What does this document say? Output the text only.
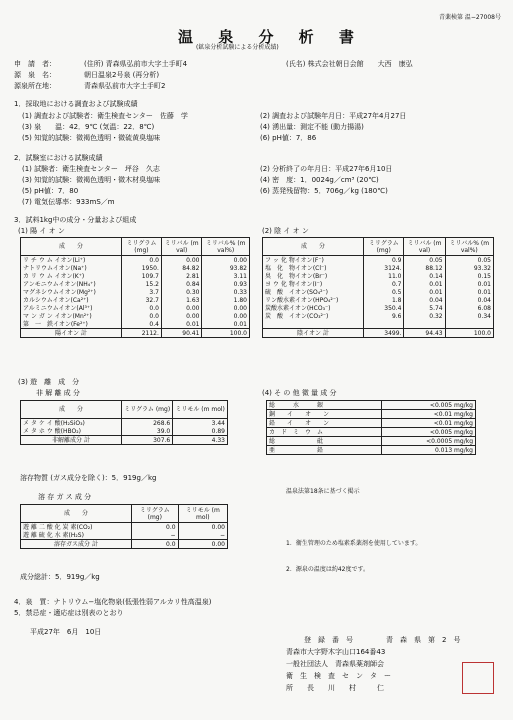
青薬検第 温−27008号
温 泉 分 析 書
(鉱泉分析試験による分析成績)
申　請　者：	(住所) 青森県弘前市大字土手町4	(氏名) 株式会社朝日会館　　大西　康弘
源　泉　名：	朝日温泉2号泉 (再分析)
源泉所在地：	青森県弘前市大字土手町2
1．採取地における調査および試験成績
(1) 調査および試験者：衛生検査センター　佐藤　学
(3) 泉　　温：42．9℃ (気温：22．8℃)
(5) 知覚的試験：微褐色透明・微硫黄臭塩味
(2) 調査および試験年月日：平成27年4月27日
(4) 湧出量：測定不能 (動力揚湯)
(6) pH値：7．86
2．試験室における試験成績
(1) 試験者：衛生検査センター　坪谷　久志
(3) 知覚的試験：微褐色透明・微木材臭塩味
(5) pH値：7．80
(7) 電気伝導率：933mS／m
(2) 分析終了の年月日：平成27年6月10日
(4) 密　度：1．0024g／cm³ (20℃)
(6) 蒸発残留物：5．706g／kg (180℃)
3．試料1kg中の成分・分量および組成
(1) 陽 イ オ ン	(2) 陰 イ オ ン
成　　分	ミリグラム (mg)	ミリバル (m val)	ミリバル% (m val%)
リ チ ウ ム イオン(Li⁺)	0.0	0.00	0.00
ナトリウムイオン(Na⁺)	1950.	84.82	93.82
カ リ ウ ム イオン(K⁺)	109.7	2.81	3.11
アンモニウムイオン(NH₄⁺)	15.2	0.84	0.93
マグネシウムイオン(Mg²⁺)	3.7	0.30	0.33
カルシウムイオン(Ca²⁺)	32.7	1.63	1.80
アルミニウムイオン(Al³⁺)	0.0	0.00	0.00
マ ン ガ ン イオン(Mn²⁺)	0.0	0.00	0.00
第　一　鉄イオン(Fe²⁺)	0.4	0.01	0.01
陽イオン 計	2112.	90.41	100.0
成　　分	ミリグラム (mg)	ミリバル (m val)	ミリバル% (m val%)
フ ッ 化 物イオン(F⁻)	0.9	0.05	0.05
塩　化　物イオン(Cl⁻)	3124.	88.12	93.32
臭　化　物イオン(Br⁻)	11.0	0.14	0.15
ヨ ウ 化 物イオン(I⁻)	0.7	0.01	0.01
硫　酸　イオン(SO₄²⁻)	0.5	0.01	0.01
リン酸水素イオン(HPO₄²⁻)	1.8	0.04	0.04
炭酸水素イオン(HCO₃⁻)	350.4	5.74	6.08
炭　酸　イオン(CO₃²⁻)	9.6	0.32	0.34

陰イオン 計	3499.	94.43	100.0
(3) 遊　離　成　分
非 解 離 成 分
成　　分	ミリグラム (mg)	ミリモル (m mol)
メ タ ケ イ 酸(H₂SiO₃)	268.6	3.44
メ タ ホ ウ 酸(HBO₂)	39.0	0.89
非解離成分 計	307.6	4.33
(4) そ の 他 微 量 成 分
総　　　水　　　銀	<0.005 mg/kg
銅　　イ　　オ　　ン	<0.01 mg/kg
鉛　　イ　　オ　　ン	<0.01 mg/kg
カ　ド　ミ　ウ　ム	<0.005 mg/kg
総　　　　　　　砒	<0.0005 mg/kg
亜　　　　　　　鉛	0.013 mg/kg
溶存物質 (ガス成分を除く)：5．919g／kg
溶 存 ガ ス 成 分
成　　分	ミリグラム (mg)	ミリモル (m mol)
遊 離 二 酸 化 炭 素(CO₂)	0.0	0.00
遊 離 硫 化 水 素(H₂S)	−	−
溶存ガス成分 計	0.0	0.00
成分総計：5．919g／kg
温泉法第18条に基づく掲示
1．衛生管理のため塩素系薬剤を使用しています。
2．源泉の温度は約42度です。
4．泉　質：ナトリウム−塩化物泉(低張性弱アルカリ性高温泉)
5．禁忌症・適応症は別表のとおり
平成27年　6月　10日
登　録　番　号	青　森　県　第　2　号
青森市大字野木字山口164番43
一般社団法人　青森県薬剤師会
衛　生　検　査　セ　ン　タ　ー
所　　長　　川　　村　　　仁
